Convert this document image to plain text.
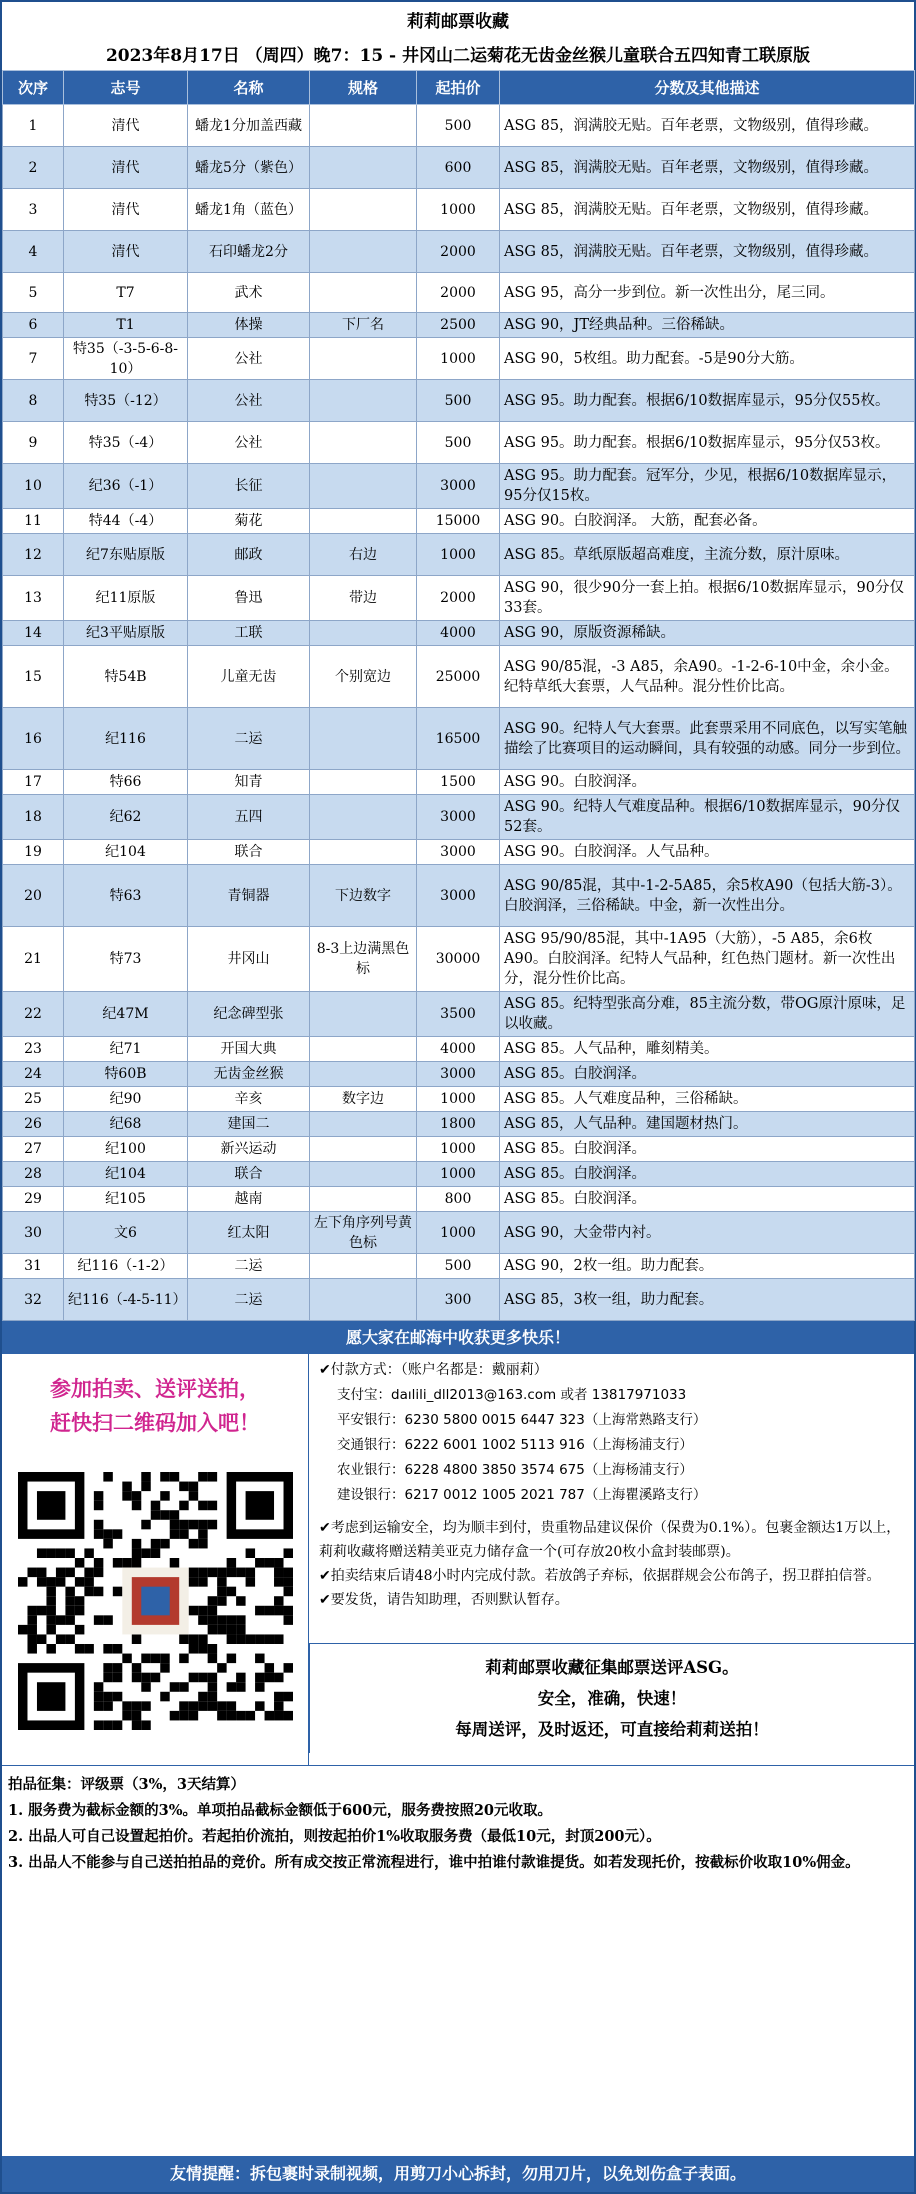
莉莉邮票收藏
2023年8月17日 （周四）晚7：15 - 井冈山二运菊花无齿金丝猴儿童联合五四知青工联原版
次序	志号	名称	规格	起拍价	分数及其他描述
1	清代	蟠龙1分加盖西藏		500	ASG 85，润满胶无贴。百年老票，文物级别，值得珍藏。
2	清代	蟠龙5分（紫色）		600	ASG 85，润满胶无贴。百年老票，文物级别，值得珍藏。
3	清代	蟠龙1角（蓝色）		1000	ASG 85，润满胶无贴。百年老票，文物级别，值得珍藏。
4	清代	石印蟠龙2分		2000	ASG 85，润满胶无贴。百年老票，文物级别，值得珍藏。
5	T7	武术		2000	ASG 95，高分一步到位。新一次性出分，尾三同。
6	T1	体操	下厂名	2500	ASG 90，JT经典品种。三俗稀缺。
7	特35（-3-5-6-8-10）	公社		1000	ASG 90，5枚组。助力配套。-5是90分大筋。
8	特35（-12）	公社		500	ASG 95。助力配套。根据6/10数据库显示，95分仅55枚。
9	特35（-4）	公社		500	ASG 95。助力配套。根据6/10数据库显示，95分仅53枚。
10	纪36（-1）	长征		3000	ASG 95。助力配套。冠军分，少见，根据6/10数据库显示，95分仅15枚。
11	特44（-4）	菊花		15000	ASG 90。白胶润泽。 大筋，配套必备。
12	纪7东贴原版	邮政	右边	1000	ASG 85。草纸原版超高难度，主流分数，原汁原味。
13	纪11原版	鲁迅	带边	2000	ASG 90，很少90分一套上拍。根据6/10数据库显示，90分仅33套。
14	纪3平贴原版	工联		4000	ASG 90，原版资源稀缺。
15	特54B	儿童无齿	个别宽边	25000	ASG 90/85混，-3 A85，余A90。-1-2-6-10中金，余小金。纪特草纸大套票，人气品种。混分性价比高。
16	纪116	二运		16500	ASG 90。纪特人气大套票。此套票采用不同底色，以写实笔触描绘了比赛项目的运动瞬间，具有较强的动感。同分一步到位。
17	特66	知青		1500	ASG 90。白胶润泽。
18	纪62	五四		3000	ASG 90。纪特人气难度品种。根据6/10数据库显示，90分仅52套。
19	纪104	联合		3000	ASG 90。白胶润泽。人气品种。
20	特63	青铜器	下边数字	3000	ASG 90/85混，其中-1-2-5A85，余5枚A90（包括大筋-3）。白胶润泽，三俗稀缺。中金，新一次性出分。
21	特73	井冈山	8-3上边满黑色标	30000	ASG 95/90/85混，其中-1A95（大筋），-5 A85，余6枚A90。白胶润泽。纪特人气品种，红色热门题材。新一次性出分，混分性价比高。
22	纪47M	纪念碑型张		3500	ASG 85。纪特型张高分难，85主流分数，带OG原汁原味，足以收藏。
23	纪71	开国大典		4000	ASG 85。人气品种，雕刻精美。
24	特60B	无齿金丝猴		3000	ASG 85。白胶润泽。
25	纪90	辛亥	数字边	1000	ASG 85。人气难度品种，三俗稀缺。
26	纪68	建国二		1800	ASG 85，人气品种。建国题材热门。
27	纪100	新兴运动		1000	ASG 85。白胶润泽。
28	纪104	联合		1000	ASG 85。白胶润泽。
29	纪105	越南		800	ASG 85。白胶润泽。
30	文6	红太阳	左下角序列号黄色标	1000	ASG 90，大金带内衬。
31	纪116（-1-2）	二运		500	ASG 90，2枚一组。助力配套。
32	纪116（-4-5-11）	二运		300	ASG 85，3枚一组，助力配套。
愿大家在邮海中收获更多快乐！
参加拍卖、送评送拍，
赶快扫二维码加入吧！

✔付款方式：（账户名都是：戴丽莉）

支付宝：daılili_dll2013@163.com 或者 13817971033

平安银行：6230 5800 0015 6447 323（上海常熟路支行）

交通银行：6222 6001 1002 5113 916（上海杨浦支行）

农业银行：6228 4800 3850 3574 675（上海杨浦支行）

建设银行：6217 0012 1005 2021 787（上海瞿溪路支行）

✔考虑到运输安全，均为顺丰到付，贵重物品建议保价（保费为0.1%）。包裹金额达1万以上，莉莉收藏将赠送精美亚克力储存盒一个(可存放20枚小盒封装邮票)。

✔拍卖结束后请48小时内完成付款。若放鸽子弃标，依据群规会公布鸽子，拐卫群拍信誉。

✔要发货，请告知助理，否则默认暂存。

莉莉邮票收藏征集邮票送评ASG。
安全，准确，快速！
每周送评，及时返还，可直接给莉莉送拍！
拍品征集：评级票（3%，3天结算）
1. 服务费为截标金额的3%。单项拍品截标金额低于600元，服务费按照20元收取。
2. 出品人可自己设置起拍价。若起拍价流拍，则按起拍价1%收取服务费（最低10元，封顶200元）。
3. 出品人不能参与自己送拍拍品的竞价。所有成交按正常流程进行，谁中拍谁付款谁提货。如若发现托价，按截标价收取10%佣金。
友情提醒：拆包裹时录制视频，用剪刀小心拆封，勿用刀片，以免划伤盒子表面。
